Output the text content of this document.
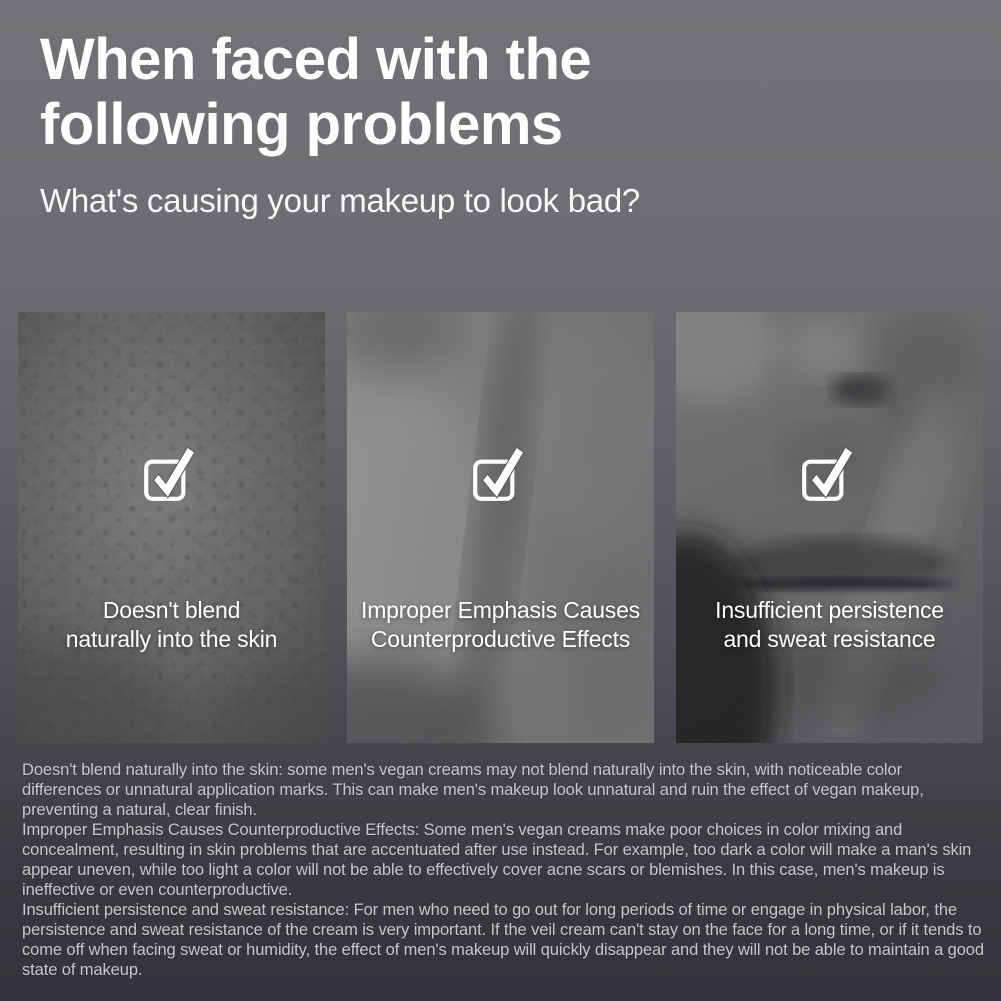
When faced with the
following problems

What's causing your makeup to look bad?

Doesn't blend
naturally into the skin
Improper Emphasis Causes
Counterproductive Effects
Insufficient persistence
and sweat resistance

Doesn't blend naturally into the skin: some men's vegan creams may not blend naturally into the skin, with noticeable color differences or unnatural application marks. This can make men's makeup look unnatural and ruin the effect of vegan makeup, preventing a natural, clear finish.

Improper Emphasis Causes Counterproductive Effects: Some men's vegan creams make poor choices in color mixing and concealment, resulting in skin problems that are accentuated after use instead. For example, too dark a color will make a man's skin appear uneven, while too light a color will not be able to effectively cover acne scars or blemishes. In this case, men's makeup is ineffective or even counterproductive.

Insufficient persistence and sweat resistance: For men who need to go out for long periods of time or engage in physical labor, the persistence and sweat resistance of the cream is very important. If the veil cream can't stay on the face for a long time, or if it tends to come off when facing sweat or humidity, the effect of men's makeup will quickly disappear and they will not be able to maintain a good state of makeup.
